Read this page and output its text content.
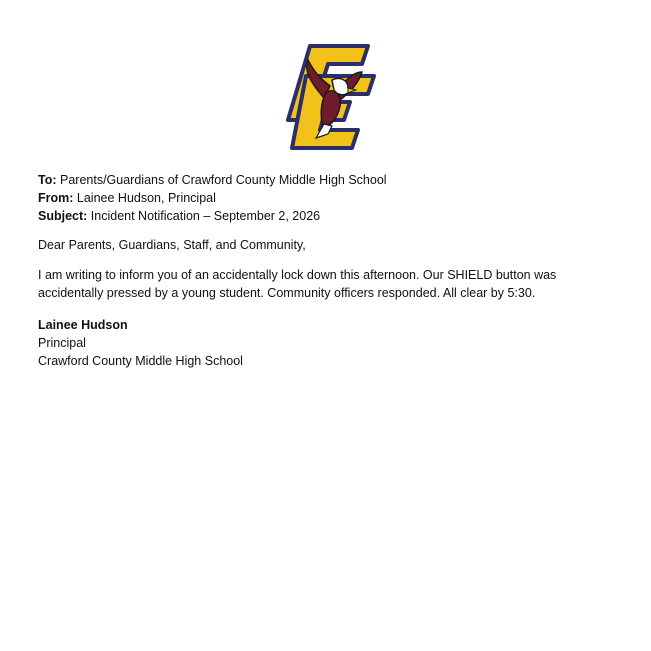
To: Parents/Guardians of Crawford County Middle High School
From: Lainee Hudson, Principal
Subject: Incident Notification – September 2, 2026
Dear Parents, Guardians, Staff, and Community,
I am writing to inform you of an accidentally lock down this afternoon. Our SHIELD button was
accidentally pressed by a young student. Community officers responded. All clear by 5:30.
Lainee Hudson
Principal
Crawford County Middle High School
